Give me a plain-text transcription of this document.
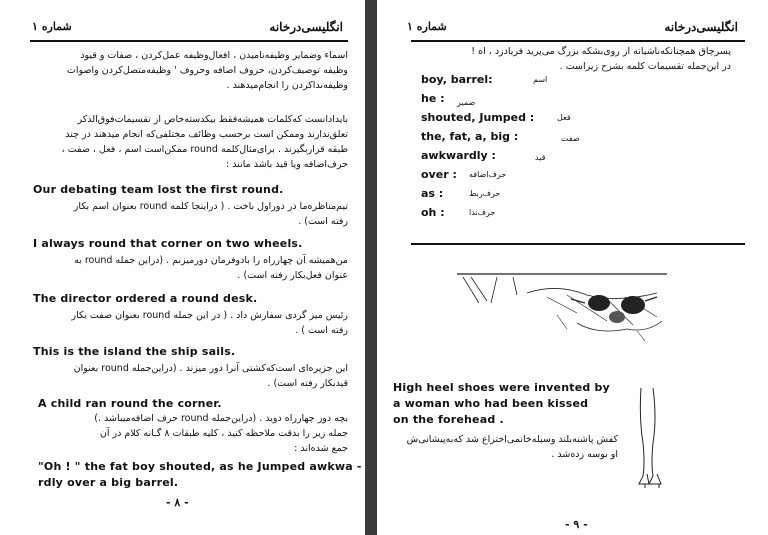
شماره ۱	انگلیسی‌درخانه
اسماء وضمایر وظیفه‌نامیدن ، افعال‌وظیفه عمل‌کردن ، صفات و قیود
وظیفه توصیف‌کردن، حروف اضافه وحروف ' وظیفه‌متصل‌کردن واصوات
وظیفه‌ندا‌کردن را انجام‌میدهند .
بایدادانست که‌کلمات همیشه‌فقط بیکدسته‌خاص از تقسیمات‌فوق‌الذکر
تعلق‌ندارند وممکن است برحسب وظائف مختلفی‌که انجام میدهند در چند
طبقه قرار‌بگیرند . برای‌مثال‌کلمه round ممکن‌است اسم ، فعل ، صفت ،
حرف‌اضافه ویا قید باشد مانند :
Our debating team lost the first round.
تیم‌مناظره‌ما در دوراول باخت . ( دراینجا کلمه round بعنوان اسم بکار
رفته است) .
I always round that corner on two wheels.
من‌همیشه آن چهارراه را بادوفرمان دورمیزنم . (دراین جمله round به
عنوان فعل‌بکار رفته است) .
The director ordered a round desk.
رئیس میز گردی سفارش داد . ( در این جمله round بعنوان صفت بکار
رفته است ) .
This is the island the ship sails.
این جزیره‌ای است‌که‌کشتی آنرا دور میزند . (دراین‌جمله round بعنوان
قیدبکار رفته است) .
A child ran round the corner.
بچه دور چهارراه دوید . (دراین‌جمله round حرف اضافه‌میباشد .)
جمله زیر را بدقت ملاحظه کنید ، کلیه طبقات ۸ گـانه کلام در آن
جمع شده‌اند :
"Oh ! " the fat boy shouted, as he Jumped awkwa -
rdly over a big barrel.
- ۸ -
شماره ۱	انگلیسی‌درخانه
پسرچاق همچنانکه‌ناشیانه از روی‌بشکه بزرگ می‌پرید فریادزد ، اه !
در این‌جمله تقسیمات کلمه بشرح زیراست .
boy, barrel:	اسم
he : ضمیر
shouted, Jumped :	فعل
the, fat, a, big :	صفت
awkwardly :	قید
over : حرف‌اضافه
as :	حرف‌ربط
oh :	حرف‌ندا
High heel shoes were invented by
a woman who had been kissed
on the forehead .
کفش پاشنه‌بلند وسیله‌خانمی‌اختراع شد که‌به‌پیشانی‌ش
او بوسه زده‌شد .
- ۹ -
